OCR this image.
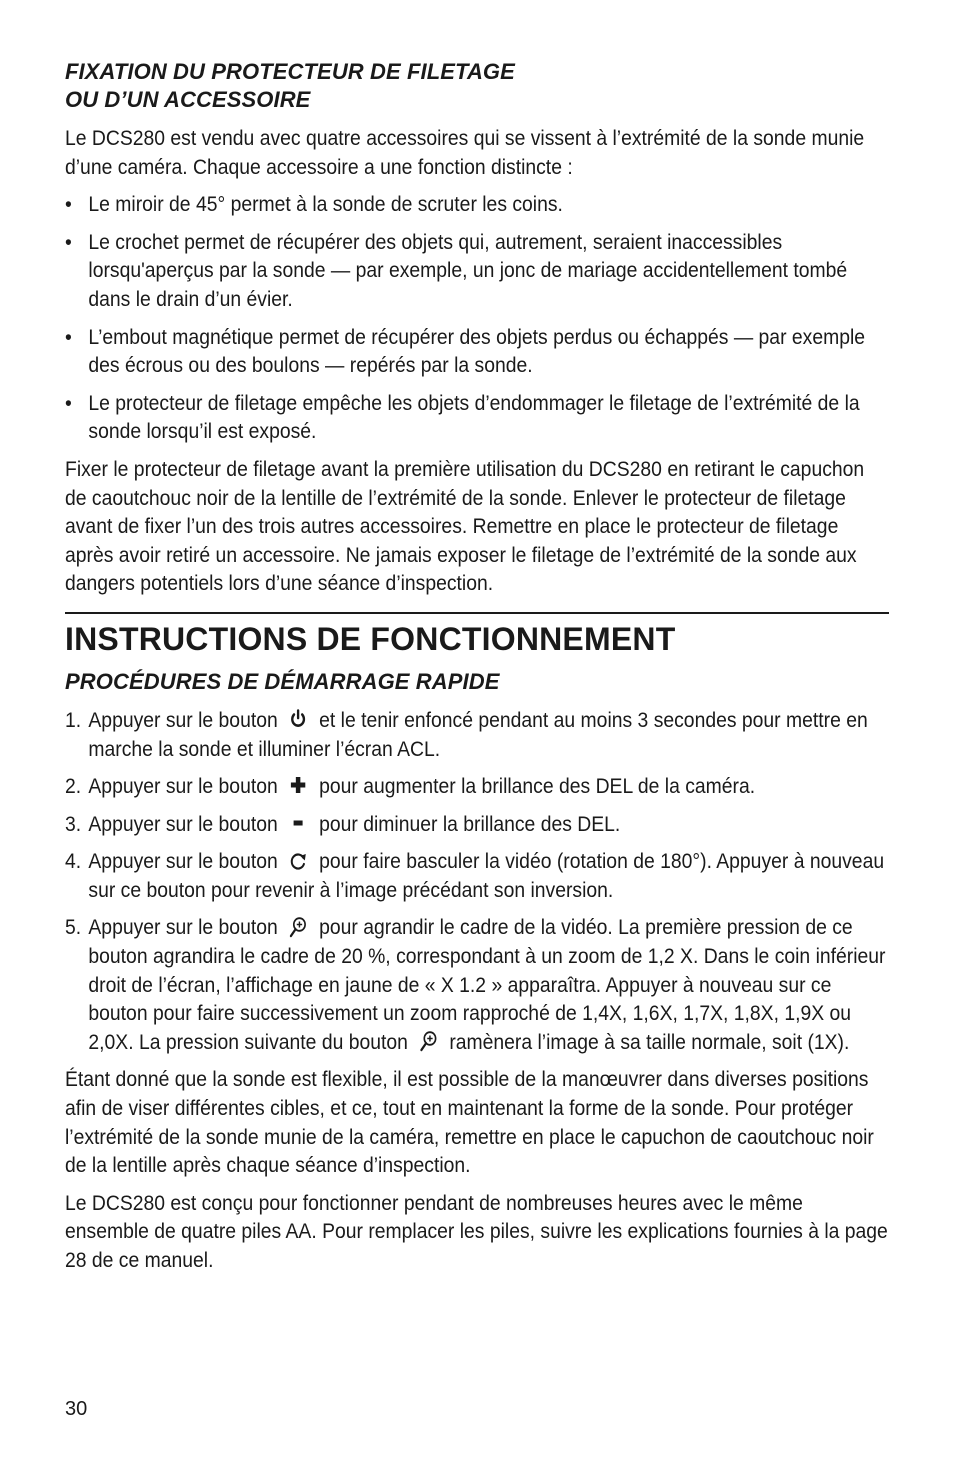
FIXATION DU PROTECTEUR DE FILETAGE
OU D’UN ACCESSOIRE

Le DCS280 est vendu avec quatre accessoires qui se vissent à l’extrémité de la sonde munie d’une caméra. Chaque accessoire a une fonction distincte :

• Le miroir de 45° permet à la sonde de scruter les coins.
• Le crochet permet de récupérer des objets qui, autrement, seraient inaccessibles lorsqu'aperçus par la sonde — par exemple, un jonc de mariage accidentellement tombé dans le drain d’un évier.
• L’embout magnétique permet de récupérer des objets perdus ou échappés — par exemple des écrous ou des boulons — repérés par la sonde.
• Le protecteur de filetage empêche les objets d’endommager le filetage de l’extrémité de la sonde lorsqu’il est exposé.

Fixer le protecteur de filetage avant la première utilisation du DCS280 en retirant le capuchon de caoutchouc noir de la lentille de l’extrémité de la sonde. Enlever le protecteur de filetage avant de fixer l’un des trois autres accessoires. Remettre en place le protecteur de filetage après avoir retiré un accessoire. Ne jamais exposer le filetage de l’extrémité de la sonde aux dangers potentiels lors d’une séance d’inspection.

INSTRUCTIONS DE FONCTIONNEMENT
PROCÉDURES DE DÉMARRAGE RAPIDE
1. Appuyer sur le bouton et le tenir enfoncé pendant au moins 3 secondes pour mettre en marche la sonde et illuminer l’écran ACL.
2. Appuyer sur le bouton pour augmenter la brillance des DEL de la caméra.
3. Appuyer sur le bouton pour diminuer la brillance des DEL.
4. Appuyer sur le bouton pour faire basculer la vidéo (rotation de 180°). Appuyer à nouveau sur ce bouton pour revenir à l’image précédant son inversion.
5. Appuyer sur le bouton pour agrandir le cadre de la vidéo. La première pression de ce bouton agrandira le cadre de 20 %, correspondant à un zoom de 1,2 X. Dans le coin inférieur droit de l’écran, l’affichage en jaune de « X 1.2 » apparaîtra. Appuyer à nouveau sur ce bouton pour faire successivement un zoom rapproché de 1,4X, 1,6X, 1,7X, 1,8X, 1,9X ou 2,0X. La pression suivante du bouton ramènera l’image à sa taille normale, soit (1X).

Étant donné que la sonde est flexible, il est possible de la manœuvrer dans diverses positions afin de viser différentes cibles, et ce, tout en maintenant la forme de la sonde. Pour protéger l’extrémité de la sonde munie de la caméra, remettre en place le capuchon de caoutchouc noir de la lentille après chaque séance d’inspection.

Le DCS280 est conçu pour fonctionner pendant de nombreuses heures avec le même ensemble de quatre piles AA. Pour remplacer les piles, suivre les explications fournies à la page 28 de ce manuel.

30
